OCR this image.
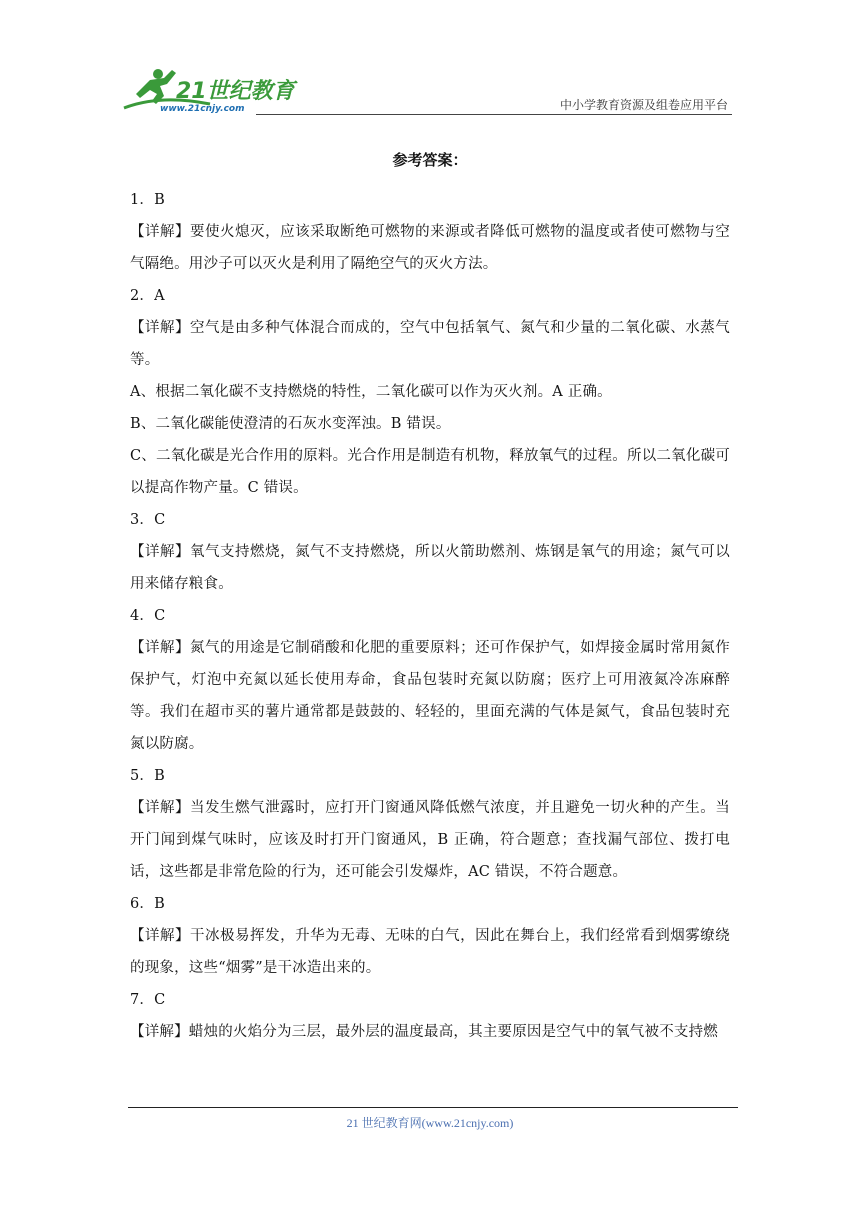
21世纪教育
www.21cnjy.com	中小学教育资源及组卷应用平台
参考答案：

1．B

【详解】要使火熄灭，应该采取断绝可燃物的来源或者降低可燃物的温度或者使可燃物与空气隔绝。用沙子可以灭火是利用了隔绝空气的灭火方法。

2．A

【详解】空气是由多种气体混合而成的，空气中包括氧气、氮气和少量的二氧化碳、水蒸气等。

A、根据二氧化碳不支持燃烧的特性，二氧化碳可以作为灭火剂。A 正确。

B、二氧化碳能使澄清的石灰水变浑浊。B 错误。

C、二氧化碳是光合作用的原料。光合作用是制造有机物，释放氧气的过程。所以二氧化碳可以提高作物产量。C 错误。

3．C

【详解】氧气支持燃烧，氮气不支持燃烧，所以火箭助燃剂、炼钢是氧气的用途；氮气可以用来储存粮食。

4．C

【详解】氮气的用途是它制硝酸和化肥的重要原料；还可作保护气，如焊接金属时常用氮作保护气，灯泡中充氮以延长使用寿命，食品包装时充氮以防腐；医疗上可用液氮冷冻麻醉等。我们在超市买的薯片通常都是鼓鼓的、轻轻的，里面充满的气体是氮气，食品包装时充氮以防腐。

5．B

【详解】当发生燃气泄露时，应打开门窗通风降低燃气浓度，并且避免一切火种的产生。当开门闻到煤气味时，应该及时打开门窗通风，B 正确，符合题意；查找漏气部位、拨打电话，这些都是非常危险的行为，还可能会引发爆炸，AC 错误，不符合题意。

6．B

【详解】干冰极易挥发，升华为无毒、无味的白气，因此在舞台上，我们经常看到烟雾缭绕的现象，这些“烟雾”是干冰造出来的。

7．C

【详解】蜡烛的火焰分为三层，最外层的温度最高，其主要原因是空气中的氧气被不支持燃

21 世纪教育网(www.21cnjy.com)
